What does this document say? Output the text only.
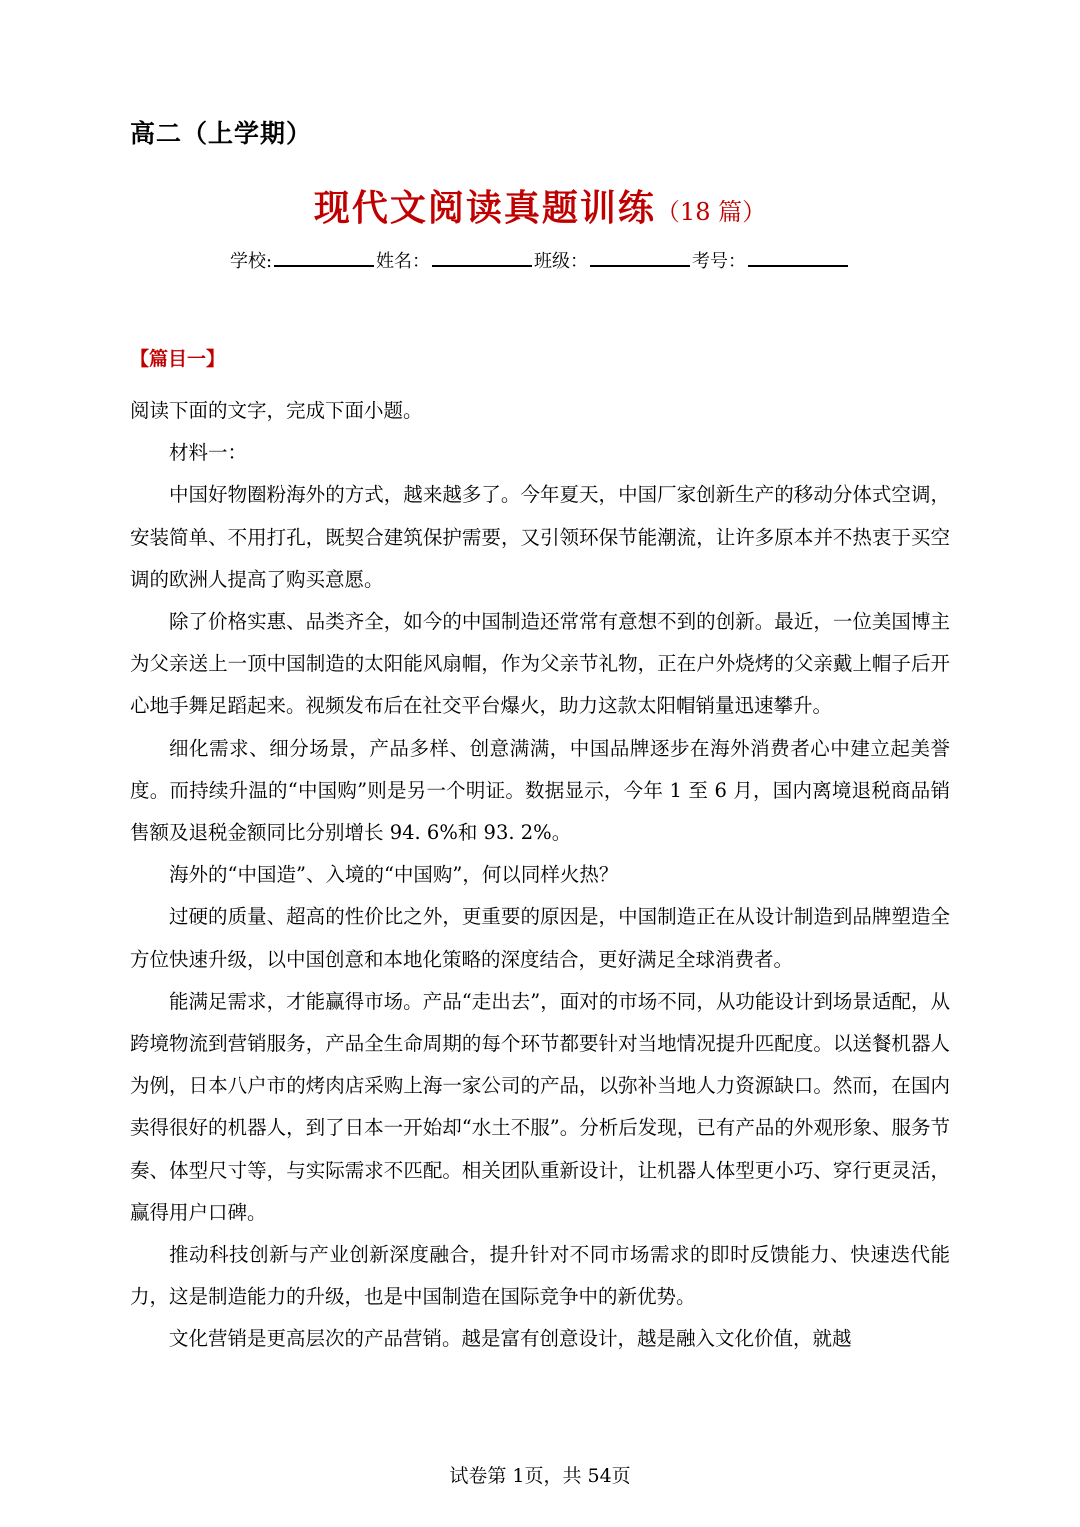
高二（上学期）
现代文阅读真题训练（18 篇）
学校:	姓名：	班级：	考号：
【篇目一】

阅读下面的文字，完成下面小题。

材料一：

中国好物圈粉海外的方式，越来越多了。今年夏天，中国厂家创新生产的移动分体式空调，安装简单、不用打孔，既契合建筑保护需要，又引领环保节能潮流，让许多原本并不热衷于买空调的欧洲人提高了购买意愿。

除了价格实惠、品类齐全，如今的中国制造还常常有意想不到的创新。最近，一位美国博主为父亲送上一顶中国制造的太阳能风扇帽，作为父亲节礼物，正在户外烧烤的父亲戴上帽子后开心地手舞足蹈起来。视频发布后在社交平台爆火，助力这款太阳帽销量迅速攀升。

细化需求、细分场景，产品多样、创意满满，中国品牌逐步在海外消费者心中建立起美誉度。而持续升温的“中国购”则是另一个明证。数据显示，今年 1 至 6 月，国内离境退税商品销售额及退税金额同比分别增长 94. 6%和 93. 2%。

海外的“中国造”、入境的“中国购”，何以同样火热？

过硬的质量、超高的性价比之外，更重要的原因是，中国制造正在从设计制造到品牌塑造全方位快速升级，以中国创意和本地化策略的深度结合，更好满足全球消费者。

能满足需求，才能赢得市场。产品“走出去”，面对的市场不同，从功能设计到场景适配，从跨境物流到营销服务，产品全生命周期的每个环节都要针对当地情况提升匹配度。以送餐机器人为例，日本八户市的烤肉店采购上海一家公司的产品，以弥补当地人力资源缺口。然而，在国内卖得很好的机器人，到了日本一开始却“水土不服”。分析后发现，已有产品的外观形象、服务节奏、体型尺寸等，与实际需求不匹配。相关团队重新设计，让机器人体型更小巧、穿行更灵活，赢得用户口碑。

推动科技创新与产业创新深度融合，提升针对不同市场需求的即时反馈能力、快速迭代能力，这是制造能力的升级，也是中国制造在国际竞争中的新优势。

文化营销是更高层次的产品营销。越是富有创意设计，越是融入文化价值，就越

试卷第 1页，共 54页
